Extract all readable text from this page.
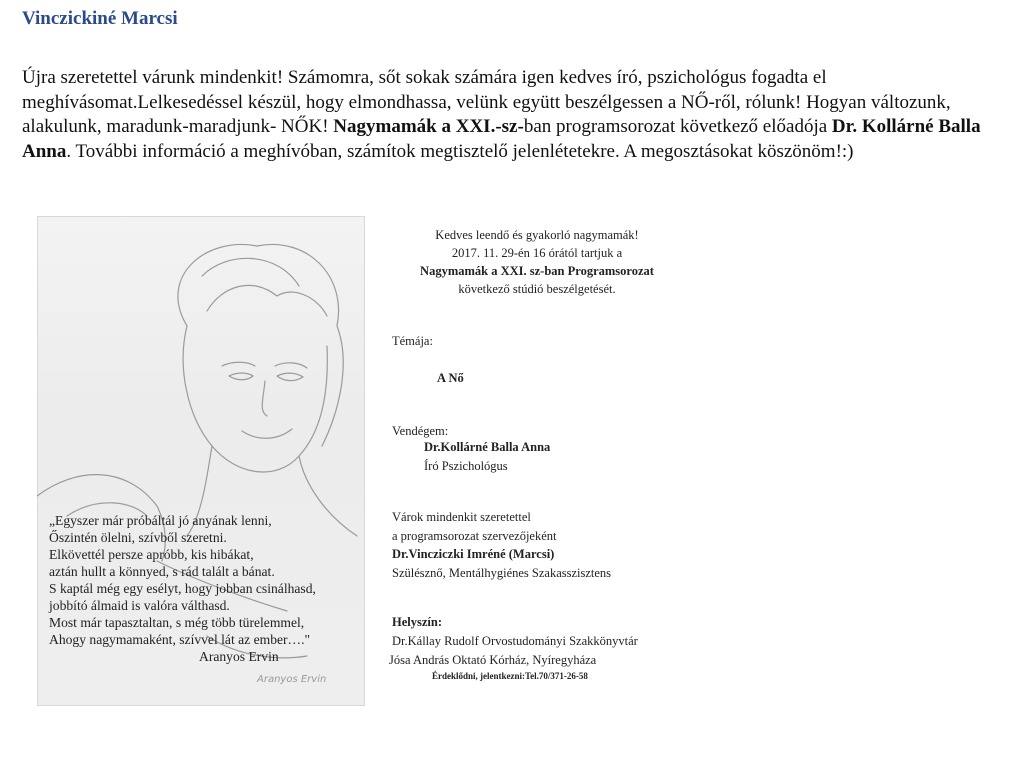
Vinczickiné Marcsi
Újra szeretettel várunk mindenkit! Számomra, sőt sokak számára igen kedves író, pszichológus fogadta el meghívásomat.Lelkesedéssel készül, hogy elmondhassa, velünk együtt beszélgessen a NŐ-ről, rólunk! Hogyan változunk, alakulunk, maradunk-maradjunk- NŐK! Nagymamák a XXI.-sz-ban programsorozat következő előadója Dr. Kollárné Balla Anna. További információ a meghívóban, számítok megtisztelő jelenlétetekre. A megosztásokat köszönöm!:)
„Egyszer már próbáltál jó anyának lenni,
Őszintén ölelni, szívből szeretni.
Elkövettél persze apróbb, kis hibákat,
aztán hullt a könnyed, s rád talált a bánat.
S kaptál még egy esélyt, hogy jobban csinálhasd,
jobbító álmaid is valóra válthasd.
Most már tapasztaltan, s még több türelemmel,
Ahogy nagymamaként, szívvel lát az ember…."
Aranyos Ervin
Aranyos Ervin
Kedves leendő és gyakorló nagymamák!
2017. 11. 29-én 16 órától tartjuk a
Nagymamák a XXI. sz-ban Programsorozat
következő stúdió beszélgetését.
Témája:
A Nő
Vendégem:
Dr.Kollárné Balla Anna
Író Pszichológus
Várok mindenkit szeretettel
a programsorozat szervezőjeként
Dr.Vincziczki Imréné (Marcsi)
Szülésznő, Mentálhygiénes Szakasszisztens
Helyszín:
Dr.Kállay Rudolf Orvostudományi Szakkönyvtár
Jósa András Oktató Kórház, Nyíregyháza
Érdeklődni, jelentkezni:Tel.70/371-26-58
